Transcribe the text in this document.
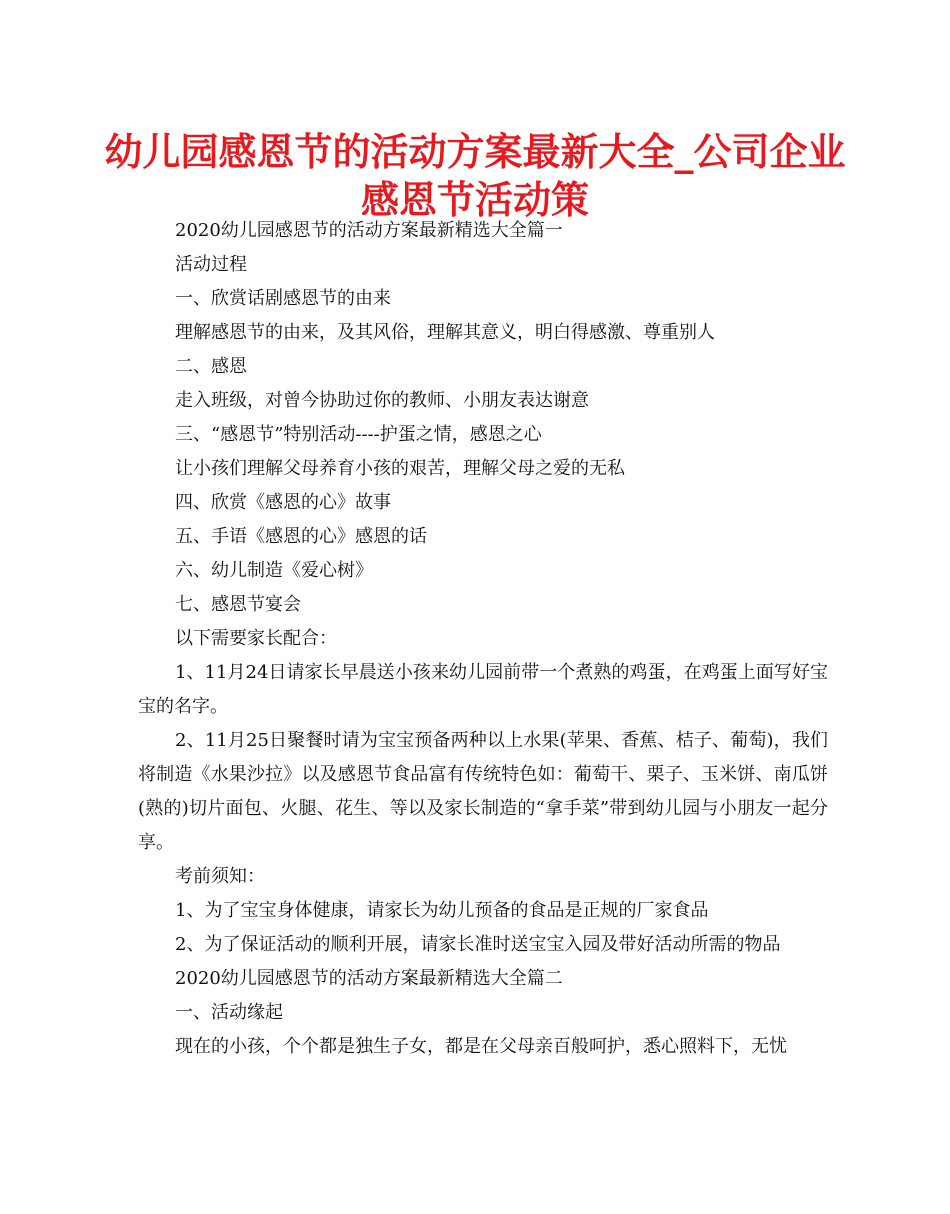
幼儿园感恩节的活动方案最新大全_公司企业感恩节活动策

2020幼儿园感恩节的活动方案最新精选大全篇一

活动过程

一、欣赏话剧感恩节的由来

理解感恩节的由来，及其风俗，理解其意义，明白得感激、尊重别人

二、感恩

走入班级，对曾今协助过你的教师、小朋友表达谢意

三、“感恩节”特别活动----护蛋之情，感恩之心

让小孩们理解父母养育小孩的艰苦，理解父母之爱的无私

四、欣赏《感恩的心》故事

五、手语《感恩的心》感恩的话

六、幼儿制造《爱心树》

七、感恩节宴会

以下需要家长配合：

1、11月24日请家长早晨送小孩来幼儿园前带一个煮熟的鸡蛋，在鸡蛋上面写好宝宝的名字。

2、11月25日聚餐时请为宝宝预备两种以上水果(苹果、香蕉、桔子、葡萄)，我们将制造《水果沙拉》以及感恩节食品富有传统特色如：葡萄干、栗子、玉米饼、南瓜饼(熟的)切片面包、火腿、花生、等以及家长制造的“拿手菜”带到幼儿园与小朋友一起分享。

考前须知：

1、为了宝宝身体健康，请家长为幼儿预备的食品是正规的厂家食品

2、为了保证活动的顺利开展，请家长准时送宝宝入园及带好活动所需的物品

2020幼儿园感恩节的活动方案最新精选大全篇二

一、活动缘起

现在的小孩，个个都是独生子女，都是在父母亲百般呵护，悉心照料下，无忧
